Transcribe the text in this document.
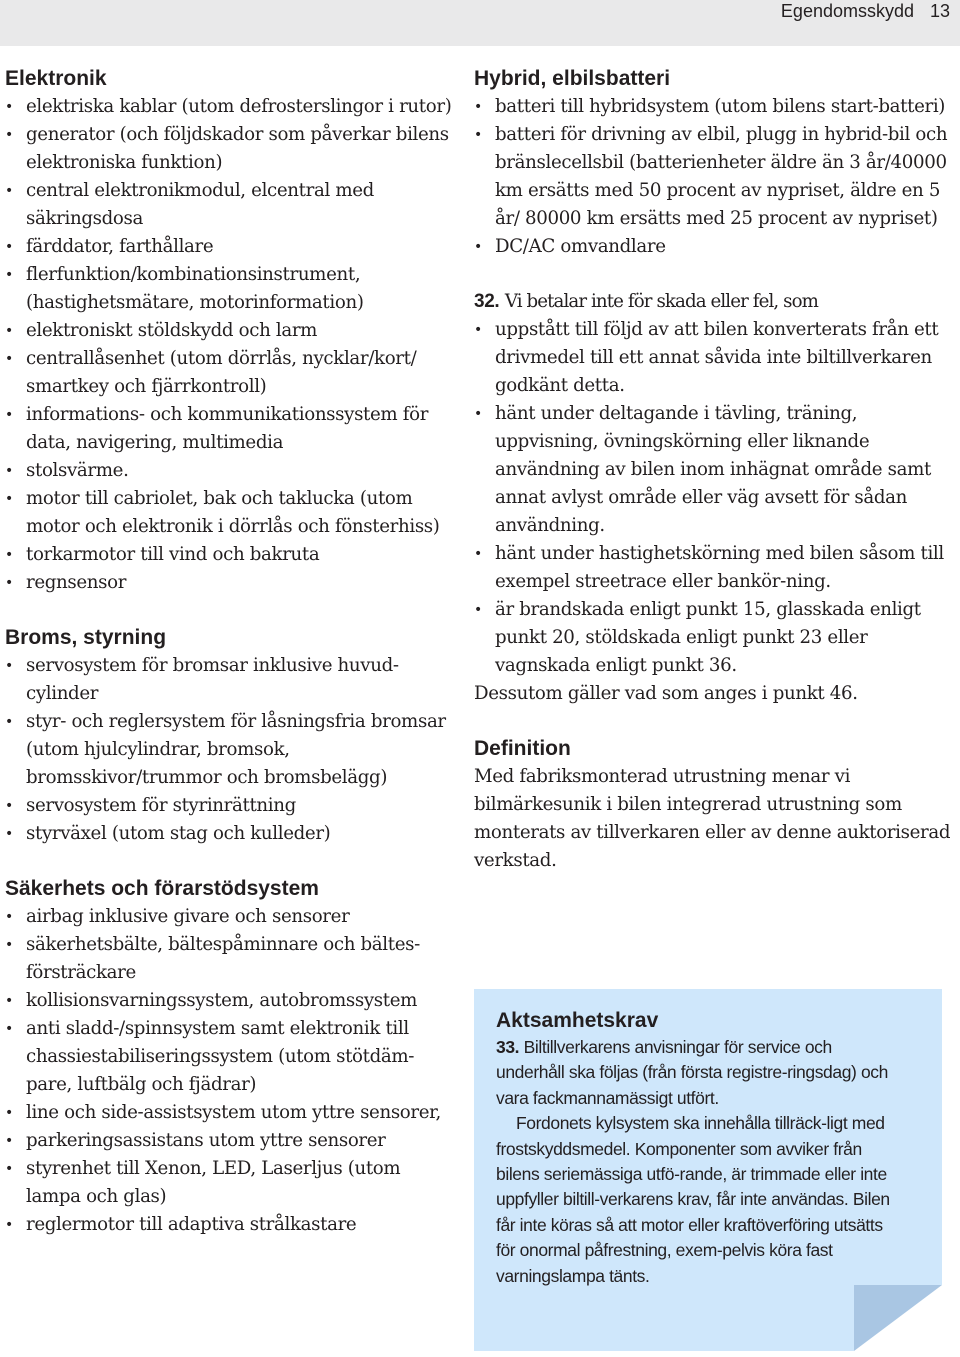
Egendomsskydd 13
Elektronik
• elektriska kablar (utom defrosterslingor i rutor)
• generator (och följdskador som påverkar bilens elektroniska funktion)
• central elektronikmodul, elcentral med säkringsdosa
• färddator, farthållare
• flerfunktion/kombinationsinstrument, (hastighetsmätare, motorinformation)
• elektroniskt stöldskydd och larm
• centrallåsenhet (utom dörrlås, nycklar/kort/ smartkey och fjärrkontroll)
• informations- och kommunikationssystem för data, navigering, multimedia
• stolsvärme.
• motor till cabriolet, bak och taklucka (utom motor och elektronik i dörrlås och fönsterhiss)
• torkarmotor till vind och bakruta
• regnsensor
Broms, styrning
• servosystem för bromsar inklusive huvud-cylinder
• styr- och reglersystem för låsningsfria bromsar (utom hjulcylindrar, bromsok, bromsskivor/trummor och bromsbelägg)
• servosystem för styrinrättning
• styrväxel (utom stag och kulleder)
Säkerhets och förarstödsystem
• airbag inklusive givare och sensorer
• säkerhetsbälte, bältespåminnare och bältes-försträckare
• kollisionsvarningssystem, autobromssystem
• anti sladd-/spinnsystem samt elektronik till chassiestabiliseringssystem (utom stötdäm-pare, luftbälg och fjädrar)
• line och side-assistsystem utom yttre sensorer,
• parkeringsassistans utom yttre sensorer
• styrenhet till Xenon, LED, Laserljus (utom lampa och glas)
• reglermotor till adaptiva strålkastare
Hybrid, elbilsbatteri
• batteri till hybridsystem (utom bilens start-batteri)
• batteri för drivning av elbil, plugg in hybrid-bil och bränslecellsbil (batterienheter äldre än 3 år/40000 km ersätts med 50 procent av nypriset, äldre en 5 år/ 80000 km ersätts med 25 procent av nypriset)
• DC/AC omvandlare

32. Vi betalar inte för skada eller fel, som

• uppstått till följd av att bilen konverterats från ett drivmedel till ett annat såvida inte biltillverkaren godkänt detta.
• hänt under deltagande i tävling, träning, uppvisning, övningskörning eller liknande användning av bilen inom inhägnat område samt annat avlyst område eller väg avsett för sådan användning.
• hänt under hastighetskörning med bilen såsom till exempel streetrace eller bankör-ning.
• är brandskada enligt punkt 15, glasskada enligt punkt 20, stöldskada enligt punkt 23 eller vagnskada enligt punkt 36.

Dessutom gäller vad som anges i punkt 46.

Definition

Med fabriksmonterad utrustning menar vi bilmärkesunik i bilen integrerad utrustning som monterats av tillverkaren eller av denne auktoriserad verkstad.

Aktsamhetskrav

33. Biltillverkarens anvisningar för service och underhåll ska följas (från första registre-ringsdag) och vara fackmannamässigt utfört.

Fordonets kylsystem ska innehålla tillräck-ligt med frostskyddsmedel. Komponenter som avviker från bilens seriemässiga utfö-rande, är trimmade eller inte uppfyller biltill-verkarens krav, får inte användas. Bilen får inte köras så att motor eller kraftöverföring utsätts för onormal påfrestning, exem-pelvis köra fast varningslampa tänts.
